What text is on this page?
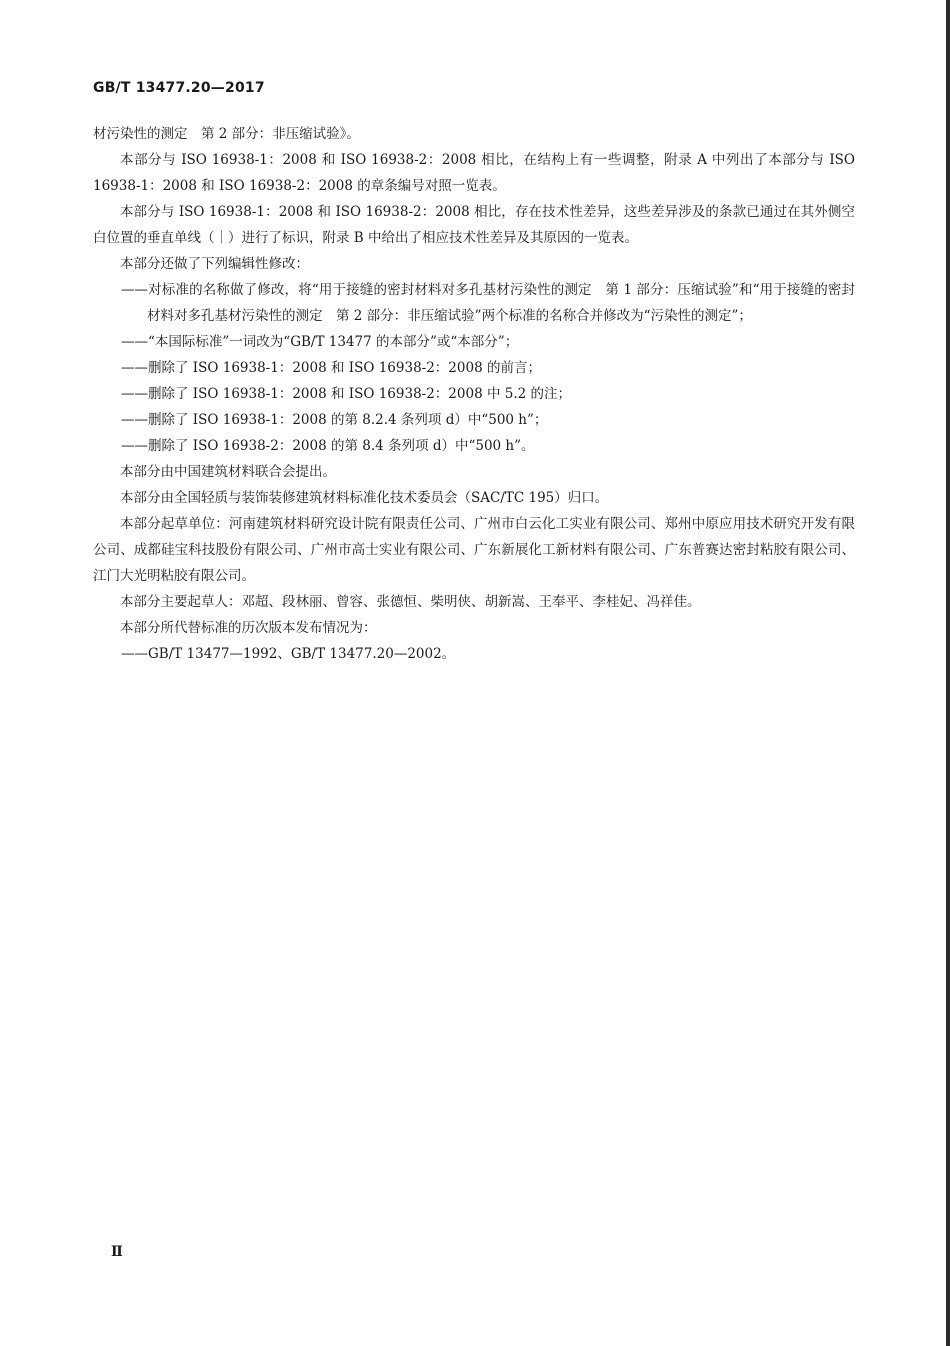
GB/T 13477.20—2017

材污染性的测定　第 2 部分：非压缩试验》。

本部分与 ISO 16938-1：2008 和 ISO 16938-2：2008 相比，在结构上有一些调整，附录 A 中列出了本部分与 ISO 16938-1：2008 和 ISO 16938-2：2008 的章条编号对照一览表。

本部分与 ISO 16938-1：2008 和 ISO 16938-2：2008 相比，存在技术性差异，这些差异涉及的条款已通过在其外侧空白位置的垂直单线（｜）进行了标识，附录 B 中给出了相应技术性差异及其原因的一览表。

本部分还做了下列编辑性修改：

——对标准的名称做了修改，将“用于接缝的密封材料对多孔基材污染性的测定　第 1 部分：压缩试验”和“用于接缝的密封材料对多孔基材污染性的测定　第 2 部分：非压缩试验”两个标准的名称合并修改为“污染性的测定”；

——“本国际标准”一词改为“GB/T 13477 的本部分”或“本部分”；

——删除了 ISO 16938-1：2008 和 ISO 16938-2：2008 的前言；

——删除了 ISO 16938-1：2008 和 ISO 16938-2：2008 中 5.2 的注；

——删除了 ISO 16938-1：2008 的第 8.2.4 条列项 d）中“500 h”；

——删除了 ISO 16938-2：2008 的第 8.4 条列项 d）中“500 h”。

本部分由中国建筑材料联合会提出。

本部分由全国轻质与装饰装修建筑材料标准化技术委员会（SAC/TC 195）归口。

本部分起草单位：河南建筑材料研究设计院有限责任公司、广州市白云化工实业有限公司、郑州中原应用技术研究开发有限公司、成都硅宝科技股份有限公司、广州市高士实业有限公司、广东新展化工新材料有限公司、广东普赛达密封粘胶有限公司、江门大光明粘胶有限公司。

本部分主要起草人：邓超、段林丽、曾容、张德恒、柴明侠、胡新嵩、王奉平、李桂妃、冯祥佳。

本部分所代替标准的历次版本发布情况为：

——GB/T 13477—1992、GB/T 13477.20—2002。

Ⅱ
